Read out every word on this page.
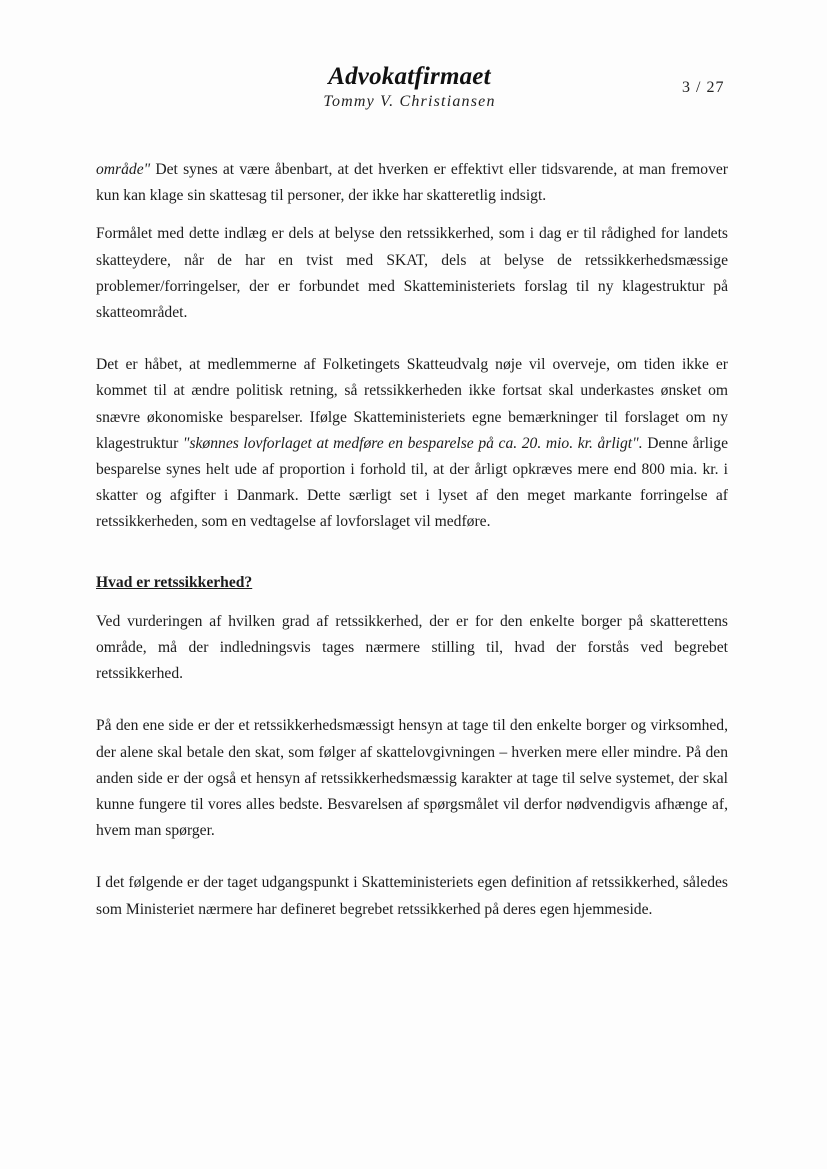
Advokatfirmaet
Tommy V. Christiansen
3 / 27

område" Det synes at være åbenbart, at det hverken er effektivt eller tidsvarende, at man fremover kun kan klage sin skattesag til personer, der ikke har skatteretlig indsigt.

Formålet med dette indlæg er dels at belyse den retssikkerhed, som i dag er til rådighed for landets skatteydere, når de har en tvist med SKAT, dels at belyse de retssikkerhedsmæssige problemer/forringelser, der er forbundet med Skatteministeriets forslag til ny klagestruktur på skatteområdet.

Det er håbet, at medlemmerne af Folketingets Skatteudvalg nøje vil overveje, om tiden ikke er kommet til at ændre politisk retning, så retssikkerheden ikke fortsat skal underkastes ønsket om snævre økonomiske besparelser. Ifølge Skatteministeriets egne bemærkninger til forslaget om ny klagestruktur "skønnes lovforlaget at medføre en besparelse på ca. 20. mio. kr. årligt". Denne årlige besparelse synes helt ude af proportion i forhold til, at der årligt opkræves mere end 800 mia. kr. i skatter og afgifter i Danmark. Dette særligt set i lyset af den meget markante forringelse af retssikkerheden, som en vedtagelse af lovforslaget vil medføre.

Hvad er retssikkerhed?

Ved vurderingen af hvilken grad af retssikkerhed, der er for den enkelte borger på skatterettens område, må der indledningsvis tages nærmere stilling til, hvad der forstås ved begrebet retssikkerhed.

På den ene side er der et retssikkerhedsmæssigt hensyn at tage til den enkelte borger og virksomhed, der alene skal betale den skat, som følger af skattelovgivningen – hverken mere eller mindre. På den anden side er der også et hensyn af retssikkerhedsmæssig karakter at tage til selve systemet, der skal kunne fungere til vores alles bedste. Besvarelsen af spørgsmålet vil derfor nødvendigvis afhænge af, hvem man spørger.

I det følgende er der taget udgangspunkt i Skatteministeriets egen definition af retssikkerhed, således som Ministeriet nærmere har defineret begrebet retssikkerhed på deres egen hjemmeside.
